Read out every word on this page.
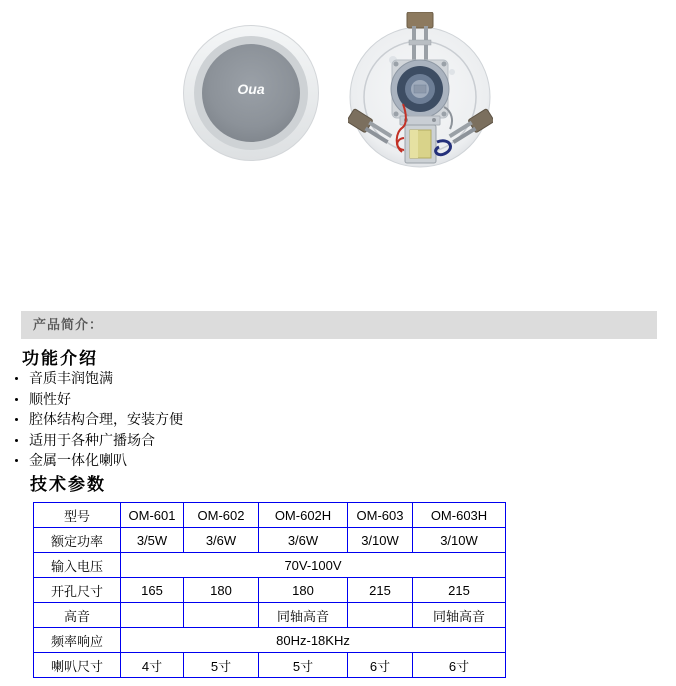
Oua
产品简介：
功能介绍
音质丰润饱满
顺性好
腔体结构合理，安装方便
适用于各种广播场合
金属一体化喇叭
技术参数
型号	OM-601	OM-602	OM-602H	OM-603	OM-603H
额定功率	3/5W	3/6W	3/6W	3/10W	3/10W
输入电压	70V-100V				
开孔尺寸	165	180	180	215	215
高音			同轴高音		同轴高音
频率响应	80Hz-18KHz				
喇叭尺寸	4寸	5寸	5寸	6寸	6寸
